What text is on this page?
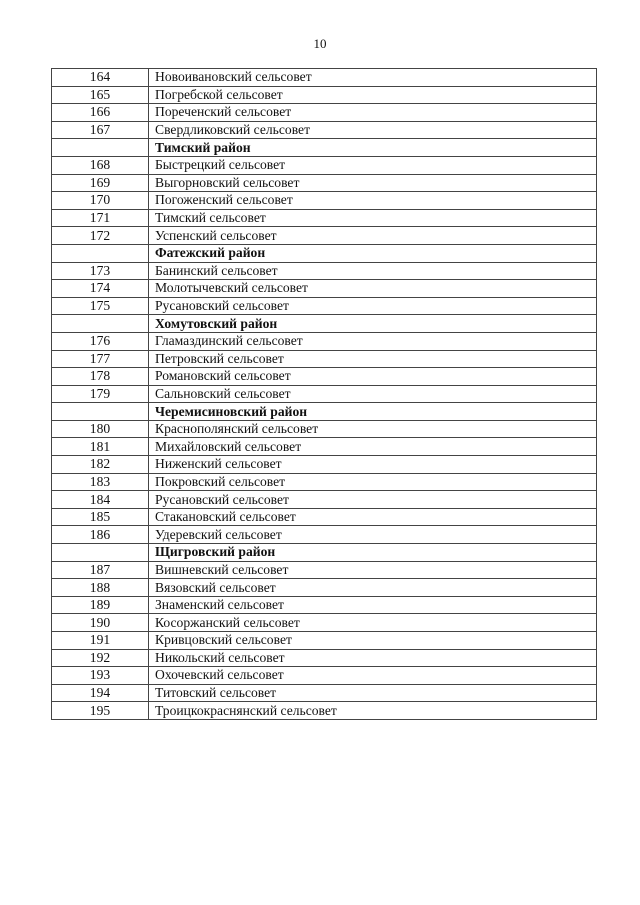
10
164	Новоивановский сельсовет
165	Погребской сельсовет
166	Пореченский сельсовет
167	Свердликовский сельсовет
	Тимский район
168	Быстрецкий сельсовет
169	Выгорновский сельсовет
170	Погоженский сельсовет
171	Тимский сельсовет
172	Успенский сельсовет
	Фатежский район
173	Банинский сельсовет
174	Молотычевский сельсовет
175	Русановский сельсовет
	Хомутовский район
176	Гламаздинский сельсовет
177	Петровский сельсовет
178	Романовский сельсовет
179	Сальновский сельсовет
	Черемисиновский район
180	Краснополянский сельсовет
181	Михайловский сельсовет
182	Ниженский сельсовет
183	Покровский сельсовет
184	Русановский сельсовет
185	Стакановский сельсовет
186	Удеревский сельсовет
	Щигровский район
187	Вишневский сельсовет
188	Вязовский сельсовет
189	Знаменский сельсовет
190	Косоржанский сельсовет
191	Кривцовский сельсовет
192	Никольский сельсовет
193	Охочевский сельсовет
194	Титовский сельсовет
195	Троицкокраснянский сельсовет
